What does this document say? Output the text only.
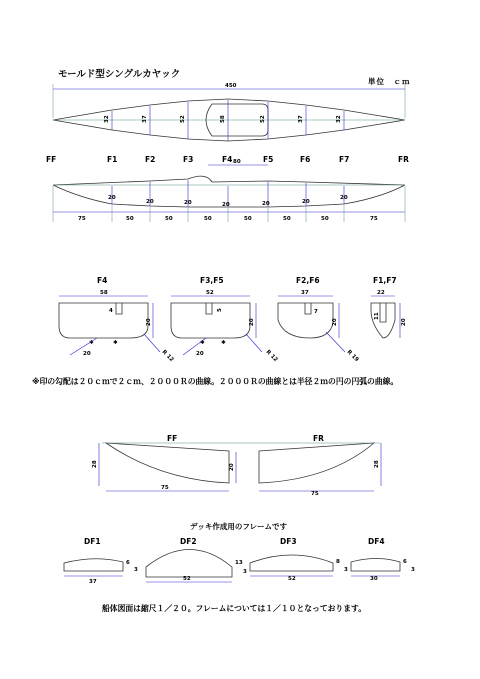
モールド型シングルカヤック
単位　ｃｍ
450
32	37	52	58	52	37	32
FF	F1	F2	F3	F4	F5	F6	F7	FR
80
20
20	20	20	20	20
20
75	50	50	50	50	50	50	75
F4
58
4
20
R 12
✱	✱
20
F3,F5
52
5
20
R 12
✱	✱
20
F2,F6
37
7
20
R 19
F1,F7
22
11
20
FF	FR
28	20	28
75
75
DF1
37
6
3
DF2
52
13
3
DF3
52
8
3
DF4
30
6
3
※印の勾配は２０ｃｍで２ｃｍ、２０００Ｒの曲線。２０００Ｒの曲線とは半径２ｍの円の円弧の曲線。
デッキ作成用のフレームです
船体図面は縮尺１／２０。フレームについては１／１０となっております。
